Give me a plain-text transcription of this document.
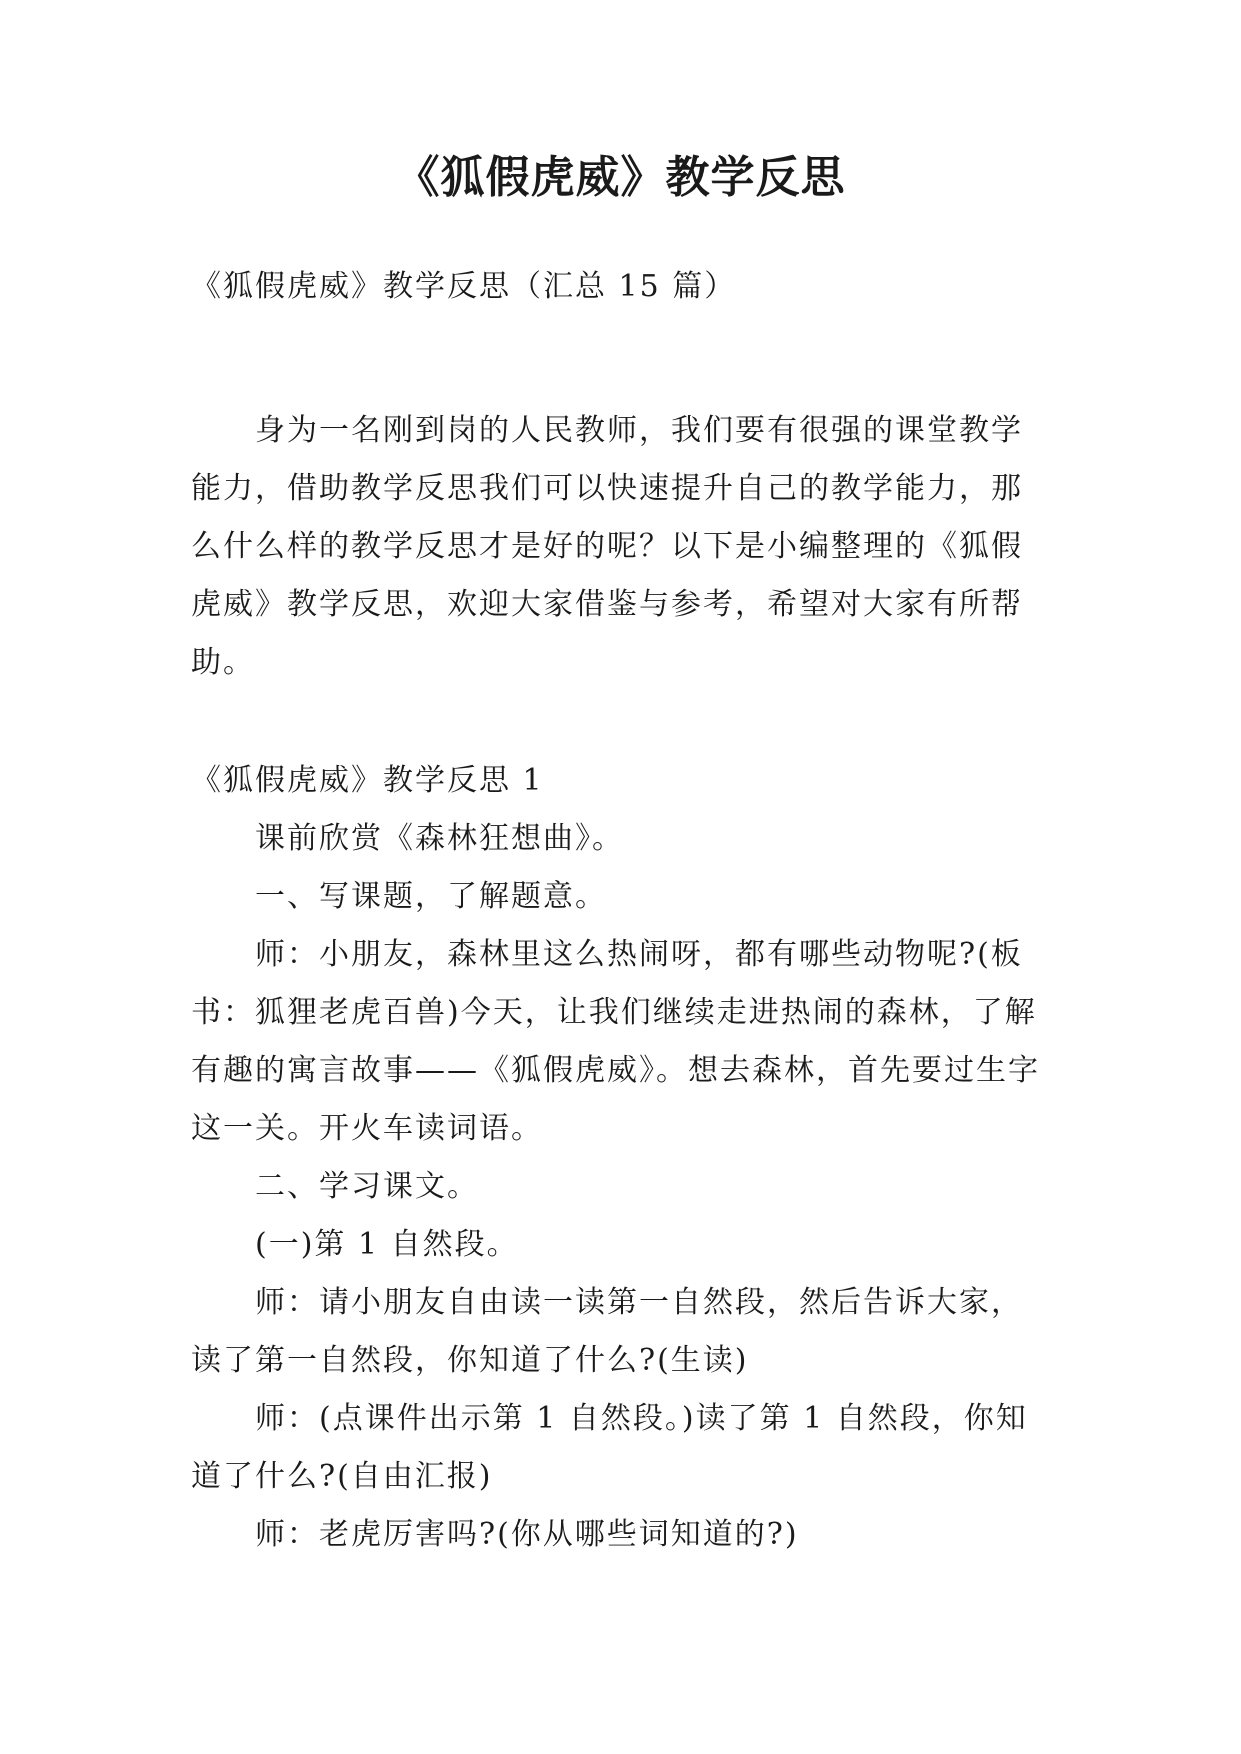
《狐假虎威》教学反思

《狐假虎威》教学反思（汇总 15 篇）

身为一名刚到岗的人民教师，我们要有很强的课堂教学能力，借助教学反思我们可以快速提升自己的教学能力，那么什么样的教学反思才是好的呢？以下是小编整理的《狐假虎威》教学反思，欢迎大家借鉴与参考，希望对大家有所帮助。

《狐假虎威》教学反思 1

课前欣赏《森林狂想曲》。

一、写课题，了解题意。

师：小朋友，森林里这么热闹呀，都有哪些动物呢?(板书：狐狸老虎百兽)今天，让我们继续走进热闹的森林，了解有趣的寓言故事——《狐假虎威》。想去森林，首先要过生字这一关。开火车读词语。

二、学习课文。

(一)第 1 自然段。

师：请小朋友自由读一读第一自然段，然后告诉大家，读了第一自然段，你知道了什么?(生读)

师：(点课件出示第 1 自然段。)读了第 1 自然段，你知道了什么?(自由汇报)

师：老虎厉害吗?(你从哪些词知道的?)
